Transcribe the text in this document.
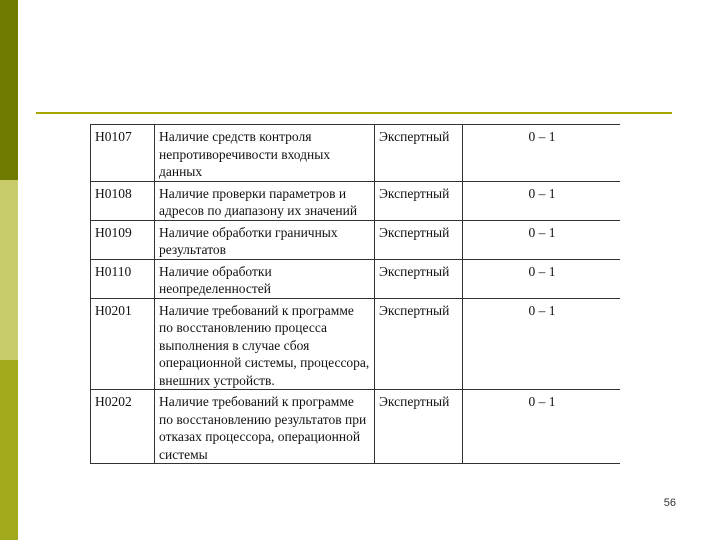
Н0107	Наличие средств контроля непротиворечивости входных данных	Экспертный	0 – 1
Н0108	Наличие проверки параметров и адресов по диапазону их значений	Экспертный	0 – 1
Н0109	Наличие обработки граничных результатов	Экспертный	0 – 1
Н0110	Наличие обработки неопределенностей	Экспертный	0 – 1
Н0201	Наличие требований к программе по восстановлению процесса выполнения в случае сбоя операционной системы, процессора, внешних устройств.	Экспертный	0 – 1
Н0202	Наличие требований к программе по восстановлению результатов при отказах процессора, операционной системы	Экспертный	0 – 1
56
